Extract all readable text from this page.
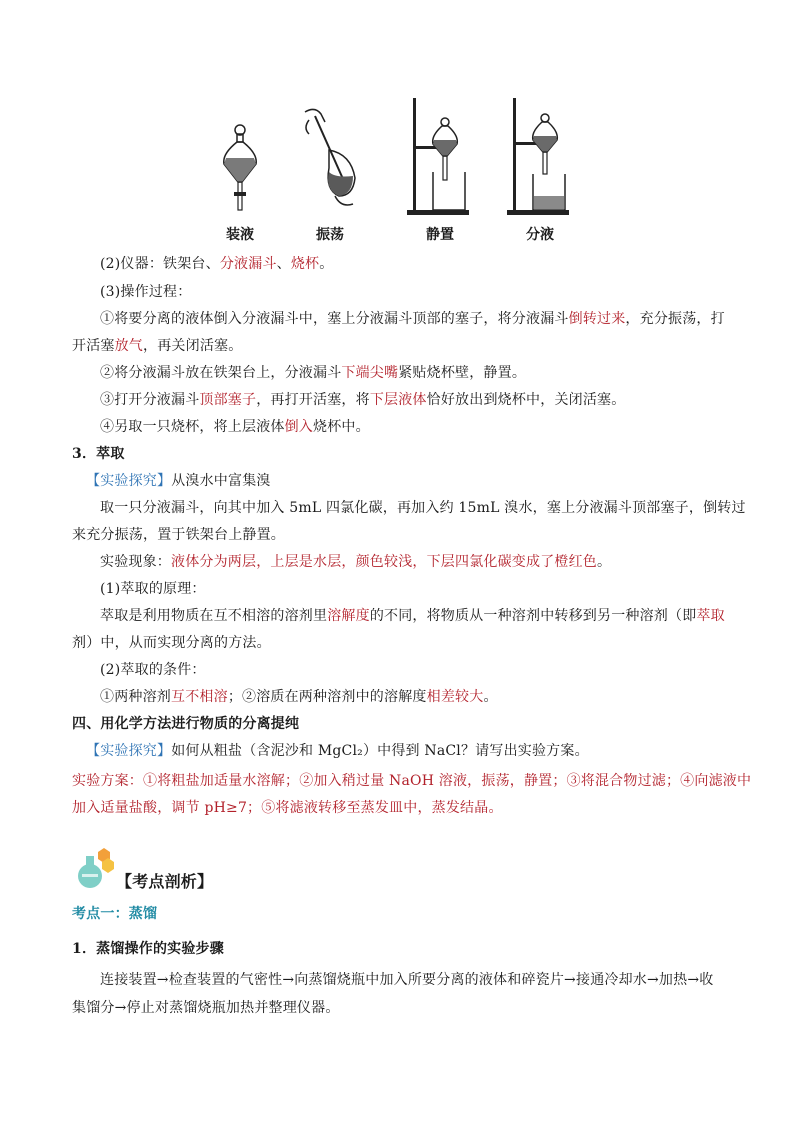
装液	振荡	静置	分液
(2)仪器：铁架台、分液漏斗、烧杯。
(3)操作过程：
①将要分离的液体倒入分液漏斗中，塞上分液漏斗顶部的塞子，将分液漏斗倒转过来，充分振荡，打
开活塞放气，再关闭活塞。
②将分液漏斗放在铁架台上，分液漏斗下端尖嘴紧贴烧杯壁，静置。
③打开分液漏斗顶部塞子，再打开活塞，将下层液体恰好放出到烧杯中，关闭活塞。
④另取一只烧杯，将上层液体倒入烧杯中。
3．萃取
【实验探究】从溴水中富集溴
取一只分液漏斗，向其中加入 5mL 四氯化碳，再加入约 15mL 溴水，塞上分液漏斗顶部塞子，倒转过
来充分振荡，置于铁架台上静置。
实验现象：液体分为两层，上层是水层，颜色较浅，下层四氯化碳变成了橙红色。
(1)萃取的原理：
萃取是利用物质在互不相溶的溶剂里溶解度的不同，将物质从一种溶剂中转移到另一种溶剂（即萃取
剂）中，从而实现分离的方法。
(2)萃取的条件：
①两种溶剂互不相溶；②溶质在两种溶剂中的溶解度相差较大。
四、用化学方法进行物质的分离提纯
【实验探究】如何从粗盐（含泥沙和 MgCl₂）中得到 NaCl？请写出实验方案。
实验方案：①将粗盐加适量水溶解；②加入稍过量 NaOH 溶液，振荡，静置；③将混合物过滤；④向滤液中
加入适量盐酸，调节 pH≥7；⑤将滤液转移至蒸发皿中，蒸发结晶。
【考点剖析】
考点一：蒸馏
1．蒸馏操作的实验步骤
连接装置→检查装置的气密性→向蒸馏烧瓶中加入所要分离的液体和碎瓷片→接通冷却水→加热→收
集馏分→停止对蒸馏烧瓶加热并整理仪器。
